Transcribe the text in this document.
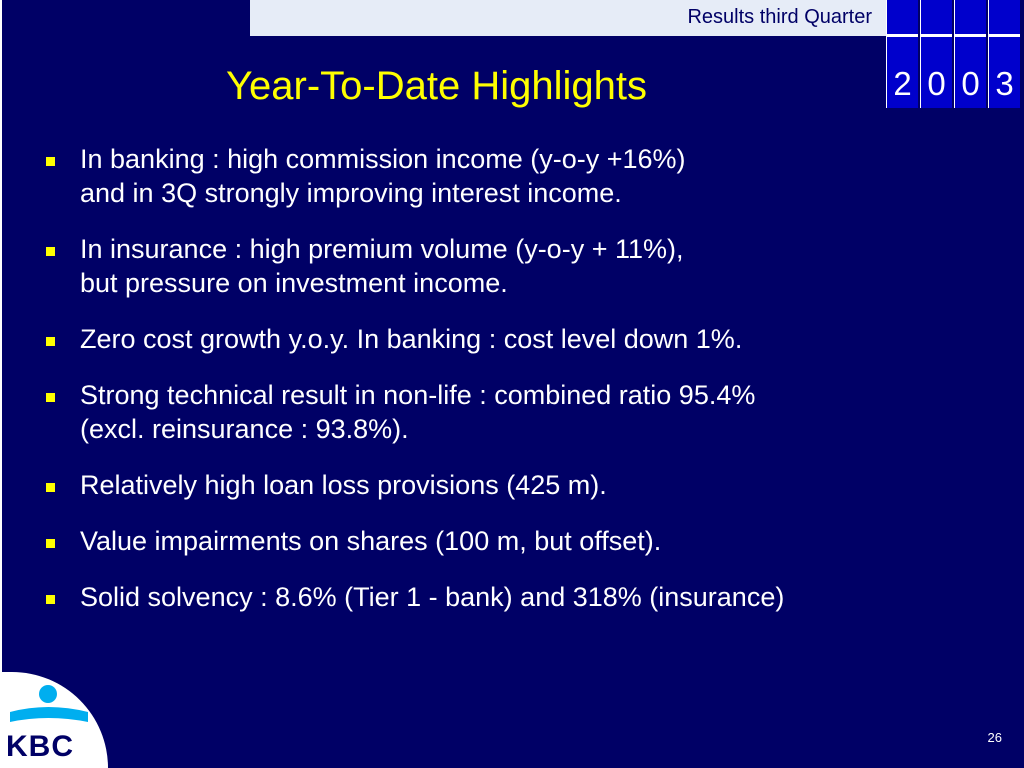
Results third Quarter
2 0 0 3
Year-To-Date Highlights
In banking : high commission income (y-o-y +16%)
and in 3Q strongly improving interest income.
In insurance : high premium volume (y-o-y + 11%),
but pressure on investment income.
Zero cost growth y.o.y. In banking : cost level down 1%.
Strong technical result in non-life : combined ratio 95.4%
(excl. reinsurance : 93.8%).
Relatively high loan loss provisions (425 m).
Value impairments on shares (100 m, but offset).
Solid solvency : 8.6% (Tier 1 - bank) and 318% (insurance)
KBC	26
